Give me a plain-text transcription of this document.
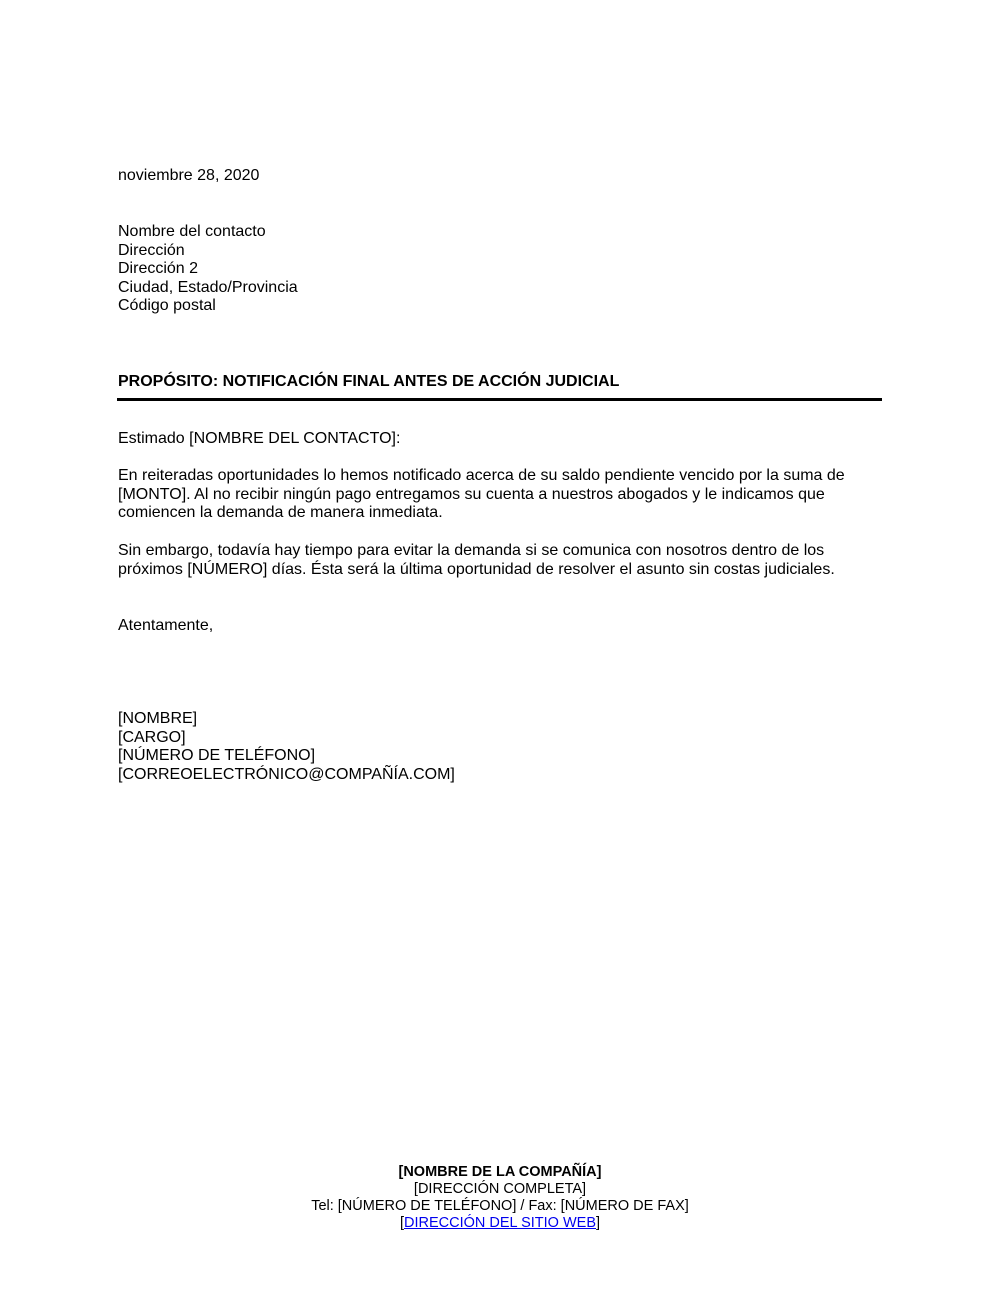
noviembre 28, 2020
Nombre del contacto
Dirección
Dirección 2
Ciudad, Estado/Provincia
Código postal
PROPÓSITO: NOTIFICACIÓN FINAL ANTES DE ACCIÓN JUDICIAL
Estimado [NOMBRE DEL CONTACTO]:
En reiteradas oportunidades lo hemos notificado acerca de su saldo pendiente vencido por la suma de
[MONTO]. Al no recibir ningún pago entregamos su cuenta a nuestros abogados y le indicamos que
comiencen la demanda de manera inmediata.
Sin embargo, todavía hay tiempo para evitar la demanda si se comunica con nosotros dentro de los
próximos [NÚMERO] días. Ésta será la última oportunidad de resolver el asunto sin costas judiciales.
Atentamente,
[NOMBRE]
[CARGO]
[NÚMERO DE TELÉFONO]
[CORREOELECTRÓNICO@COMPAÑÍA.COM]
[NOMBRE DE LA COMPAÑÍA]
[DIRECCIÓN COMPLETA]
Tel: [NÚMERO DE TELÉFONO] / Fax: [NÚMERO DE FAX]
[DIRECCIÓN DEL SITIO WEB]
